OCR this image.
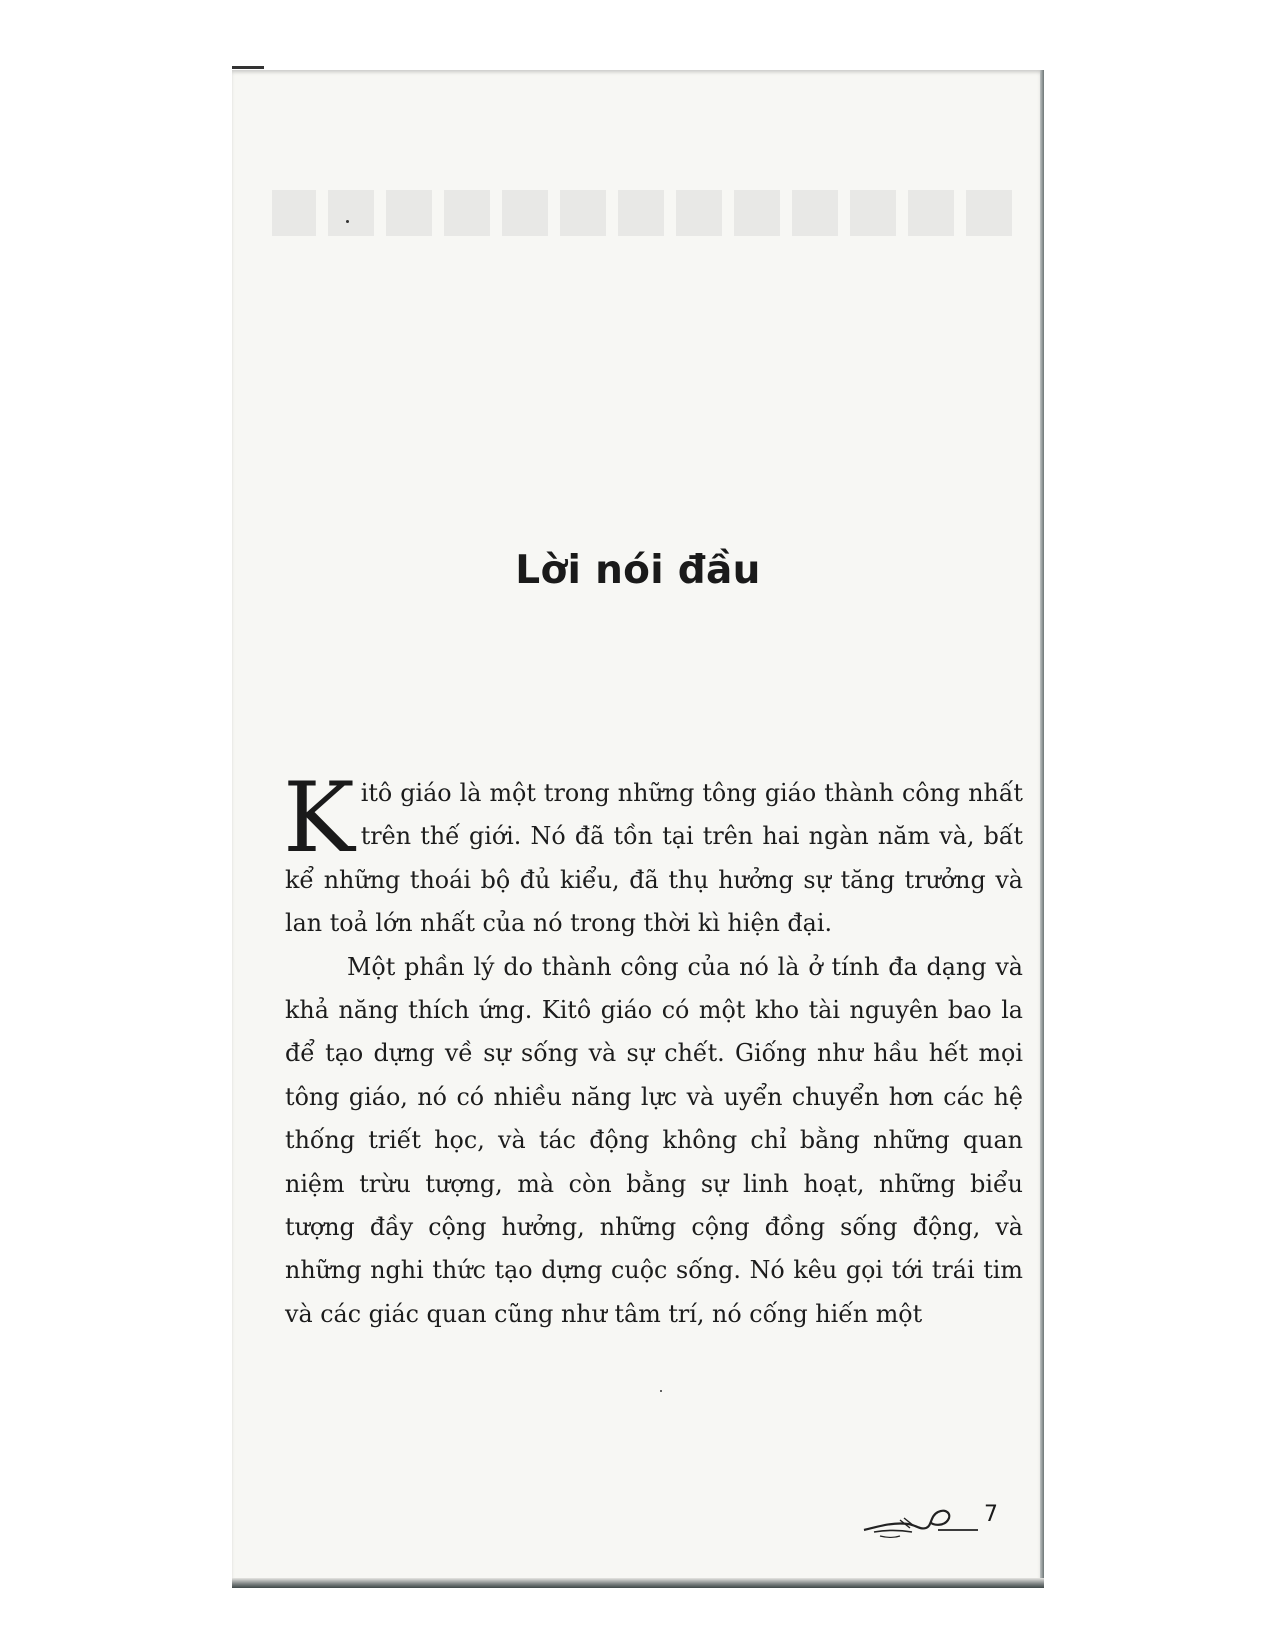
Lời nói đầu

Kitô giáo là một trong những tông giáo thành công nhất trên thế giới. Nó đã tồn tại trên hai ngàn năm và, bất kể những thoái bộ đủ kiểu, đã thụ hưởng sự tăng trưởng và lan toả lớn nhất của nó trong thời kì hiện đại.

Một phần lý do thành công của nó là ở tính đa dạng và khả năng thích ứng. Kitô giáo có một kho tài nguyên bao la để tạo dựng về sự sống và sự chết. Giống như hầu hết mọi tông giáo, nó có nhiều năng lực và uyển chuyển hơn các hệ thống triết học, và tác động không chỉ bằng những quan niệm trừu tượng, mà còn bằng sự linh hoạt, những biểu tượng đầy cộng hưởng, những cộng đồng sống động, và những nghi thức tạo dựng cuộc sống. Nó kêu gọi tới trái tim và các giác quan cũng như tâm trí, nó cống hiến một

7
